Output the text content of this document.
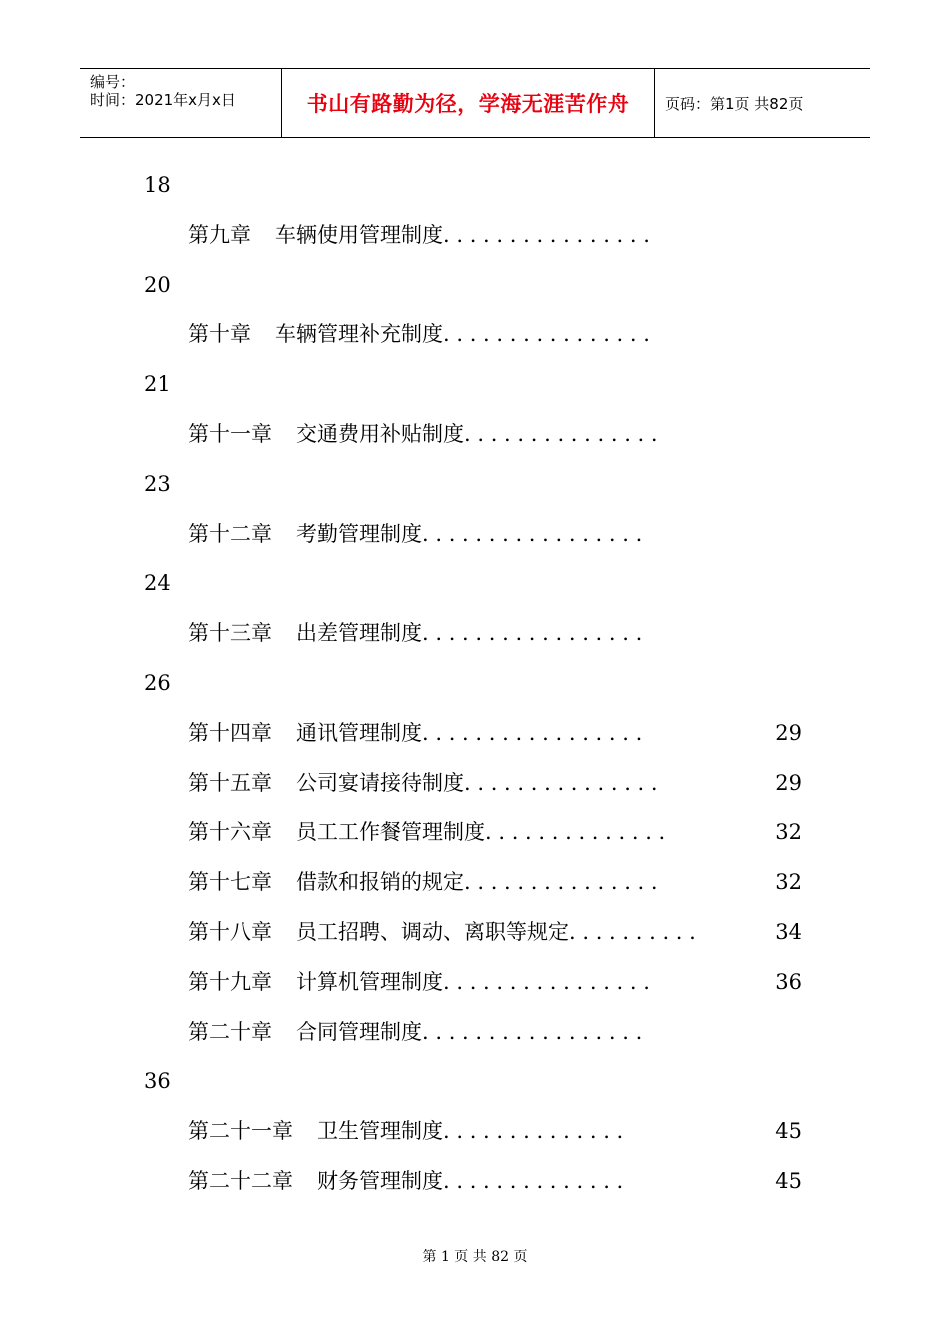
编号：
时间：2021年x月x日	书山有路勤为径，学海无涯苦作舟	页码：第1页 共82页
18
第九章 车辆使用管理制度. . . . . . . . . . . . . . . .
20
第十章 车辆管理补充制度. . . . . . . . . . . . . . . .
21
第十一章 交通费用补贴制度. . . . . . . . . . . . . . .
23
第十二章 考勤管理制度. . . . . . . . . . . . . . . . .
24
第十三章 出差管理制度. . . . . . . . . . . . . . . . .
26
29
第十四章 通讯管理制度. . . . . . . . . . . . . . . . .
29
第十五章 公司宴请接待制度. . . . . . . . . . . . . . .
32
第十六章 员工工作餐管理制度. . . . . . . . . . . . . .
32
第十七章 借款和报销的规定. . . . . . . . . . . . . . .
34
第十八章 员工招聘、调动、离职等规定. . . . . . . . . .
36
第十九章 计算机管理制度. . . . . . . . . . . . . . . .
第二十章 合同管理制度. . . . . . . . . . . . . . . . .
36
45
第二十一章 卫生管理制度. . . . . . . . . . . . . .
45
第二十二章 财务管理制度. . . . . . . . . . . . . .
第 1 页 共 82 页
